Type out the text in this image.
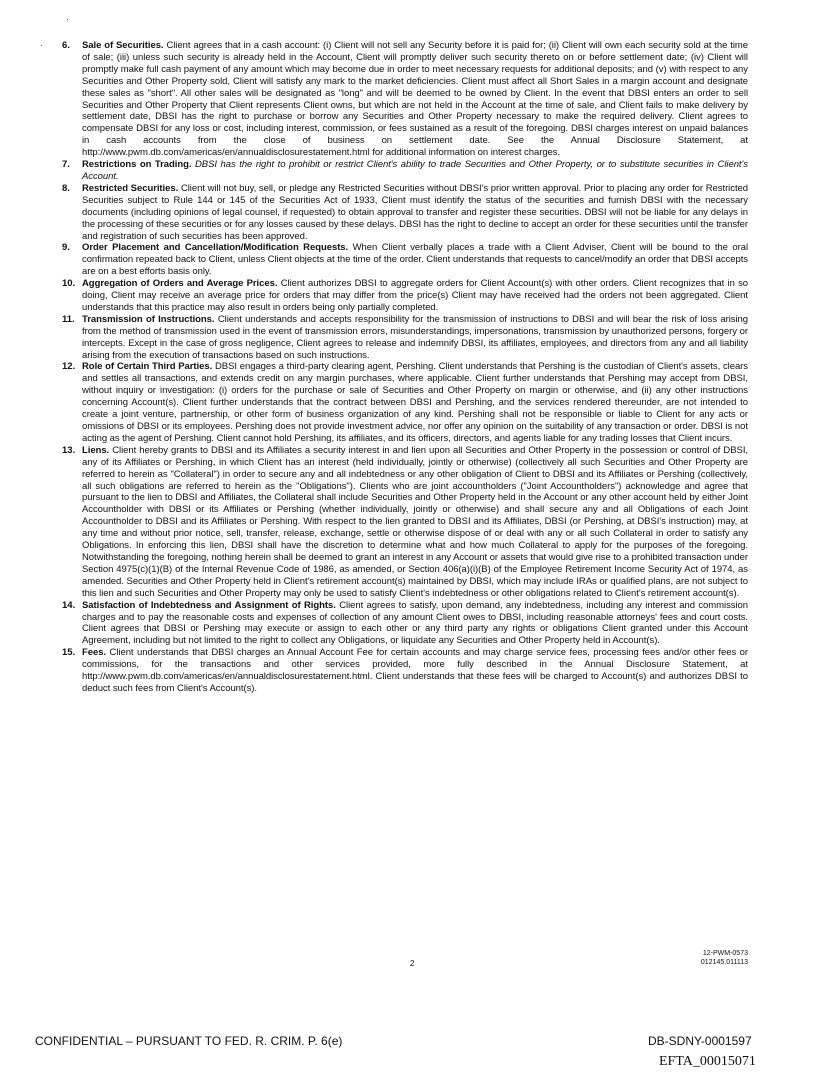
·
· 6. Sale of Securities. Client agrees that in a cash account: (i) Client will not sell any Security before it is paid for; (ii) Client will own each security sold at the time of sale; (iii) unless such security is already held in the Account, Client will promptly deliver such security thereto on or before settlement date; (iv) Client will promptly make full cash payment of any amount which may become due in order to meet necessary requests for additional deposits; and (v) with respect to any Securities and Other Property sold, Client will satisfy any mark to the market deficiencies. Client must affect all Short Sales in a margin account and designate these sales as "short". All other sales will be designated as "long" and will be deemed to be owned by Client. In the event that DBSI enters an order to sell Securities and Other Property that Client represents Client owns, but which are not held in the Account at the time of sale, and Client fails to make delivery by settlement date, DBSI has the right to purchase or borrow any Securities and Other Property necessary to make the required delivery. Client agrees to compensate DBSI for any loss or cost, including interest, commission, or fees sustained as a result of the foregoing. DBSI charges interest on unpaid balances in cash accounts from the close of business on settlement date. See the Annual Disclosure Statement, at http://www.pwm.db.com/americas/en/annualdisclosurestatement.html for additional information on interest charges.

7. Restrictions on Trading. DBSI has the right to prohibit or restrict Client's ability to trade Securities and Other Property, or to substitute securities in Client's Account.

8. Restricted Securities. Client will not buy, sell, or pledge any Restricted Securities without DBSI's prior written approval. Prior to placing any order for Restricted Securities subject to Rule 144 or 145 of the Securities Act of 1933, Client must identify the status of the securities and furnish DBSI with the necessary documents (including opinions of legal counsel, if requested) to obtain approval to transfer and register these securities. DBSI will not be liable for any delays in the processing of these securities or for any losses caused by these delays. DBSI has the right to decline to accept an order for these securities until the transfer and registration of such securities has been approved.

9. Order Placement and Cancellation/Modification Requests. When Client verbally places a trade with a Client Adviser, Client will be bound to the oral confirmation repeated back to Client, unless Client objects at the time of the order. Client understands that requests to cancel/modify an order that DBSI accepts are on a best efforts basis only.

10. Aggregation of Orders and Average Prices. Client authorizes DBSI to aggregate orders for Client Account(s) with other orders. Client recognizes that in so doing, Client may receive an average price for orders that may differ from the price(s) Client may have received had the orders not been aggregated. Client understands that this practice may also result in orders being only partially completed.

11. Transmission of Instructions. Client understands and accepts responsibility for the transmission of instructions to DBSI and will bear the risk of loss arising from the method of transmission used in the event of transmission errors, misunderstandings, impersonations, transmission by unauthorized persons, forgery or intercepts. Except in the case of gross negligence, Client agrees to release and indemnify DBSI, its affiliates, employees, and directors from any and all liability arising from the execution of transactions based on such instructions.

12. Role of Certain Third Parties. DBSI engages a third-party clearing agent, Pershing. Client understands that Pershing is the custodian of Client's assets, clears and settles all transactions, and extends credit on any margin purchases, where applicable. Client further understands that Pershing may accept from DBSI, without inquiry or investigation: (i) orders for the purchase or sale of Securities and Other Property on margin or otherwise, and (ii) any other instructions concerning Account(s). Client further understands that the contract between DBSI and Pershing, and the services rendered thereunder, are not intended to create a joint venture, partnership, or other form of business organization of any kind. Pershing shall not be responsible or liable to Client for any acts or omissions of DBSI or its employees. Pershing does not provide investment advice, nor offer any opinion on the suitability of any transaction or order. DBSI is not acting as the agent of Pershing. Client cannot hold Pershing, its affiliates, and its officers, directors, and agents liable for any trading losses that Client incurs.

13. Liens. Client hereby grants to DBSI and its Affiliates a security interest in and lien upon all Securities and Other Property in the possession or control of DBSI, any of its Affiliates or Pershing, in which Client has an interest (held individually, jointly or otherwise) (collectively all such Securities and Other Property are referred to herein as "Collateral") in order to secure any and all indebtedness or any other obligation of Client to DBSI and its Affiliates or Pershing (collectively, all such obligations are referred to herein as the "Obligations"). Clients who are joint accountholders ("Joint Accountholders") acknowledge and agree that pursuant to the lien to DBSI and Affiliates, the Collateral shall include Securities and Other Property held in the Account or any other account held by either Joint Accountholder with DBSI or its Affiliates or Pershing (whether individually, jointly or otherwise) and shall secure any and all Obligations of each Joint Accountholder to DBSI and its Affiliates or Pershing. With respect to the lien granted to DBSI and its Affiliates, DBSI (or Pershing, at DBSI's instruction) may, at any time and without prior notice, sell, transfer, release, exchange, settle or otherwise dispose of or deal with any or all such Collateral in order to satisfy any Obligations. In enforcing this lien, DBSI shall have the discretion to determine what and how much Collateral to apply for the purposes of the foregoing. Notwithstanding the foregoing, nothing herein shall be deemed to grant an interest in any Account or assets that would give rise to a prohibited transaction under Section 4975(c)(1)(B) of the Internal Revenue Code of 1986, as amended, or Section 406(a)(i)(B) of the Employee Retirement Income Security Act of 1974, as amended. Securities and Other Property held in Client's retirement account(s) maintained by DBSI, which may include IRAs or qualified plans, are not subject to this lien and such Securities and Other Property may only be used to satisfy Client's indebtedness or other obligations related to Client's retirement account(s).

14. Satisfaction of Indebtedness and Assignment of Rights. Client agrees to satisfy, upon demand, any indebtedness, including any interest and commission charges and to pay the reasonable costs and expenses of collection of any amount Client owes to DBSI, including reasonable attorneys' fees and court costs. Client agrees that DBSI or Pershing may execute or assign to each other or any third party any rights or obligations Client granted under this Account Agreement, including but not limited to the right to collect any Obligations, or liquidate any Securities and Other Property held in Account(s).

15. Fees. Client understands that DBSI charges an Annual Account Fee for certain accounts and may charge service fees, processing fees and/or other fees or commissions, for the transactions and other services provided, more fully described in the Annual Disclosure Statement, at http://www.pwm.db.com/americas/en/annualdisclosurestatement.html. Client understands that these fees will be charged to Account(s) and authorizes DBSI to deduct such fees from Client's Account(s).

2
12-PWM-0573
012145.011113
CONFIDENTIAL – PURSUANT TO FED. R. CRIM. P. 6(e)	DB-SDNY-0001597
EFTA_00015071
